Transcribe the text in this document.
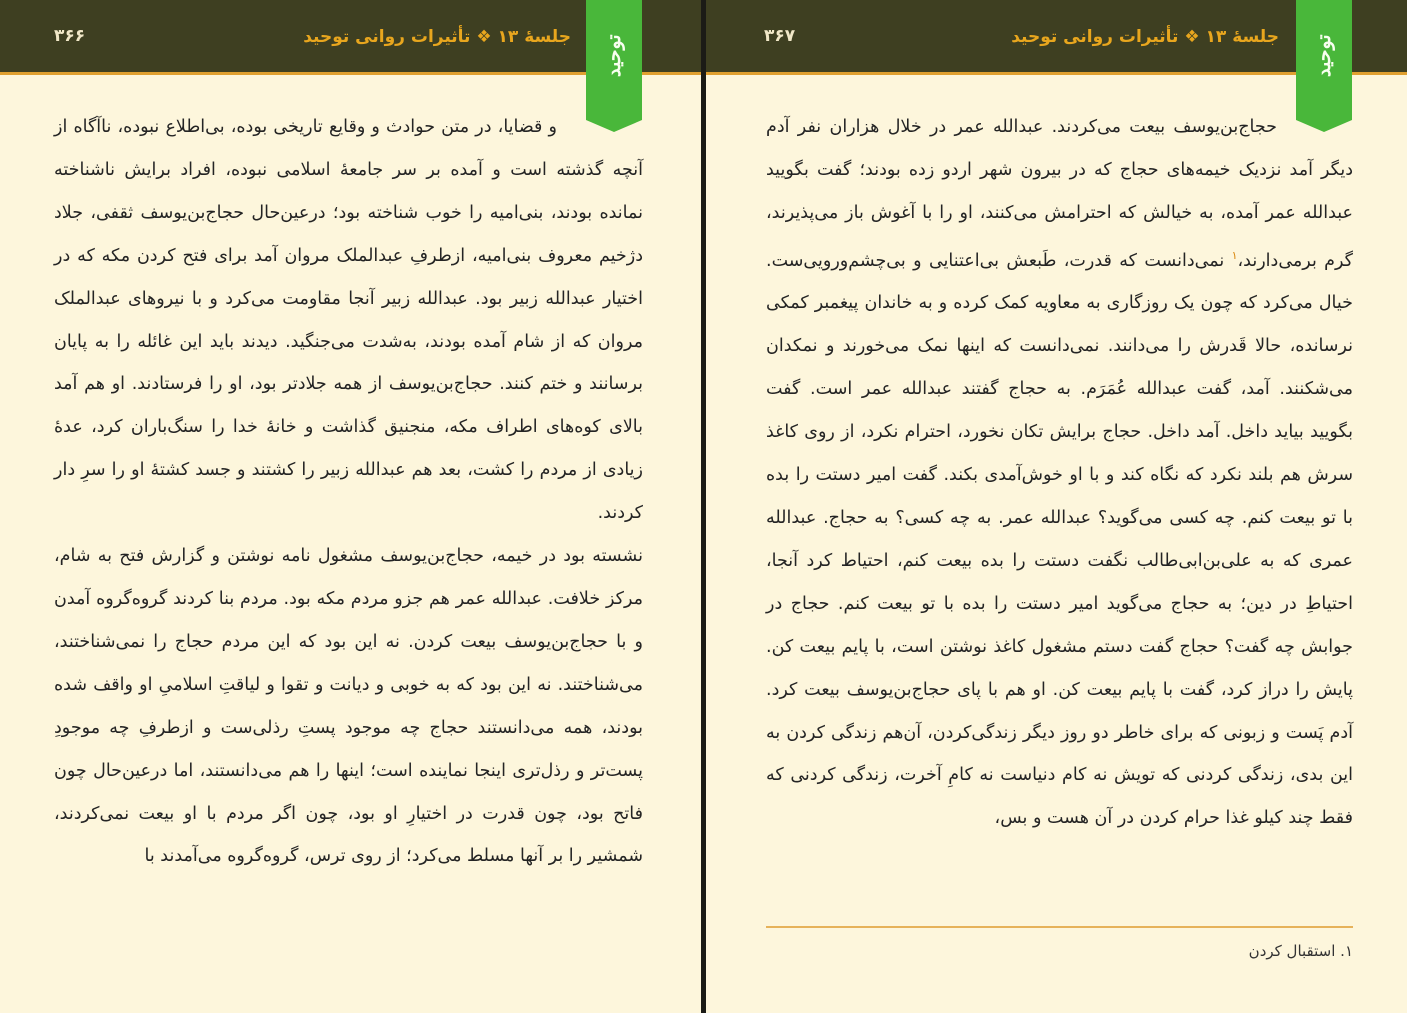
۳۶۶	جلسهٔ ۱۳ ❖ تأثیرات روانی توحید	توحید

و قضایا، در متن حوادث و وقایع تاریخی بوده، بی‌اطلاع نبوده، ناآگاه از آنچه گذشته است و آمده بر سر جامعهٔ اسلامی نبوده، افراد برایش ناشناخته نمانده بودند، بنی‌امیه را خوب شناخته بود؛ درعین‌حال حجاج‌بن‌یوسف ثقفی، جلاد دژخیم معروف بنی‌امیه، ازطرفِ عبدالملک مروان آمد برای فتح کردن مکه که در اختیار عبدالله زبیر بود. عبدالله زبیر آنجا مقاومت می‌کرد و با نیروهای عبدالملک مروان که از شام آمده بودند، به‌شدت می‌جنگید. دیدند باید این غائله را به پایان برسانند و ختم کنند. حجاج‌بن‌یوسف از همه جلادتر بود، او را فرستادند. او هم آمد بالای کوه‌های اطراف مکه، منجنیق گذاشت و خانهٔ خدا را سنگ‌باران کرد، عدهٔ زیادی از مردم را کشت، بعد هم عبدالله زبیر را کشتند و جسد کشتهٔ او را سرِ دار کردند.

نشسته بود در خیمه، حجاج‌بن‌یوسف مشغول نامه نوشتن و گزارش فتح به شام، مرکز خلافت. عبدالله عمر هم جزو مردم مکه بود. مردم بنا کردند گروه‌گروه آمدن و با حجاج‌بن‌یوسف بیعت کردن. نه این بود که این مردم حجاج را نمی‌شناختند، می‌شناختند. نه این بود که به خوبی و دیانت و تقوا و لیاقتِ اسلامیِ او واقف شده بودند، همه می‌دانستند حجاج چه موجود پستِ رذلی‌ست و ازطرفِ چه موجودِ پست‌تر و رذل‌تری اینجا نماینده است؛ اینها را هم می‌دانستند، اما درعین‌حال چون فاتح بود، چون قدرت در اختیارِ او بود، چون اگر مردم با او بیعت نمی‌کردند، شمشیر را بر آنها مسلط می‌کرد؛ از روی ترس، گروه‌گروه می‌آمدند با

۳۶۷	جلسهٔ ۱۳ ❖ تأثیرات روانی توحید	توحید

حجاج‌بن‌یوسف بیعت می‌کردند. عبدالله عمر در خلال هزاران نفر آدم دیگر آمد نزدیک خیمه‌های حجاج که در بیرون شهر اردو زده بودند؛ گفت بگویید عبدالله عمر آمده، به خیالش که احترامش می‌کنند، او را با آغوش باز می‌پذیرند، گرم برمی‌دارند،$^۱$ نمی‌دانست که قدرت، طَبعش بی‌اعتنایی و بی‌چشم‌ورویی‌ست. خیال می‌کرد که چون یک روزگاری به معاویه کمک کرده و به خاندان پیغمبر کمکی نرسانده، حالا قَدرش را می‌دانند. نمی‌دانست که اینها نمک می‌خورند و نمکدان می‌شکنند. آمد، گفت عبدالله عُمَرَم. به حجاج گفتند عبدالله عمر است. گفت بگویید بیاید داخل. آمد داخل. حجاج برایش تکان نخورد، احترام نکرد، از روی کاغذ سرش هم بلند نکرد که نگاه کند و با او خوش‌آمدی بکند. گفت امیر دستت را بده با تو بیعت کنم. چه کسی می‌گوید؟ عبدالله عمر. به چه کسی؟ به حجاج. عبدالله عمری که به علی‌بن‌ابی‌طالب نگفت دستت را بده بیعت کنم، احتیاط کرد آنجا، احتیاطِ در دین؛ به حجاج می‌گوید امیر دستت را بده با تو بیعت کنم. حجاج در جوابش چه گفت؟ حجاج گفت دستم مشغول کاغذ نوشتن است، با پایم بیعت کن. پایش را دراز کرد، گفت با پایم بیعت کن. او هم با پای حجاج‌بن‌یوسف بیعت کرد. آدم پَست و زبونی که برای خاطر دو روز دیگر زندگی‌کردن، آن‌هم زندگی کردن به این بدی، زندگی کردنی که تویش نه کام دنیاست نه کامِ آخرت، زندگی کردنی که فقط چند کیلو غذا حرام کردن در آن هست و بس،

۱. استقبال کردن
